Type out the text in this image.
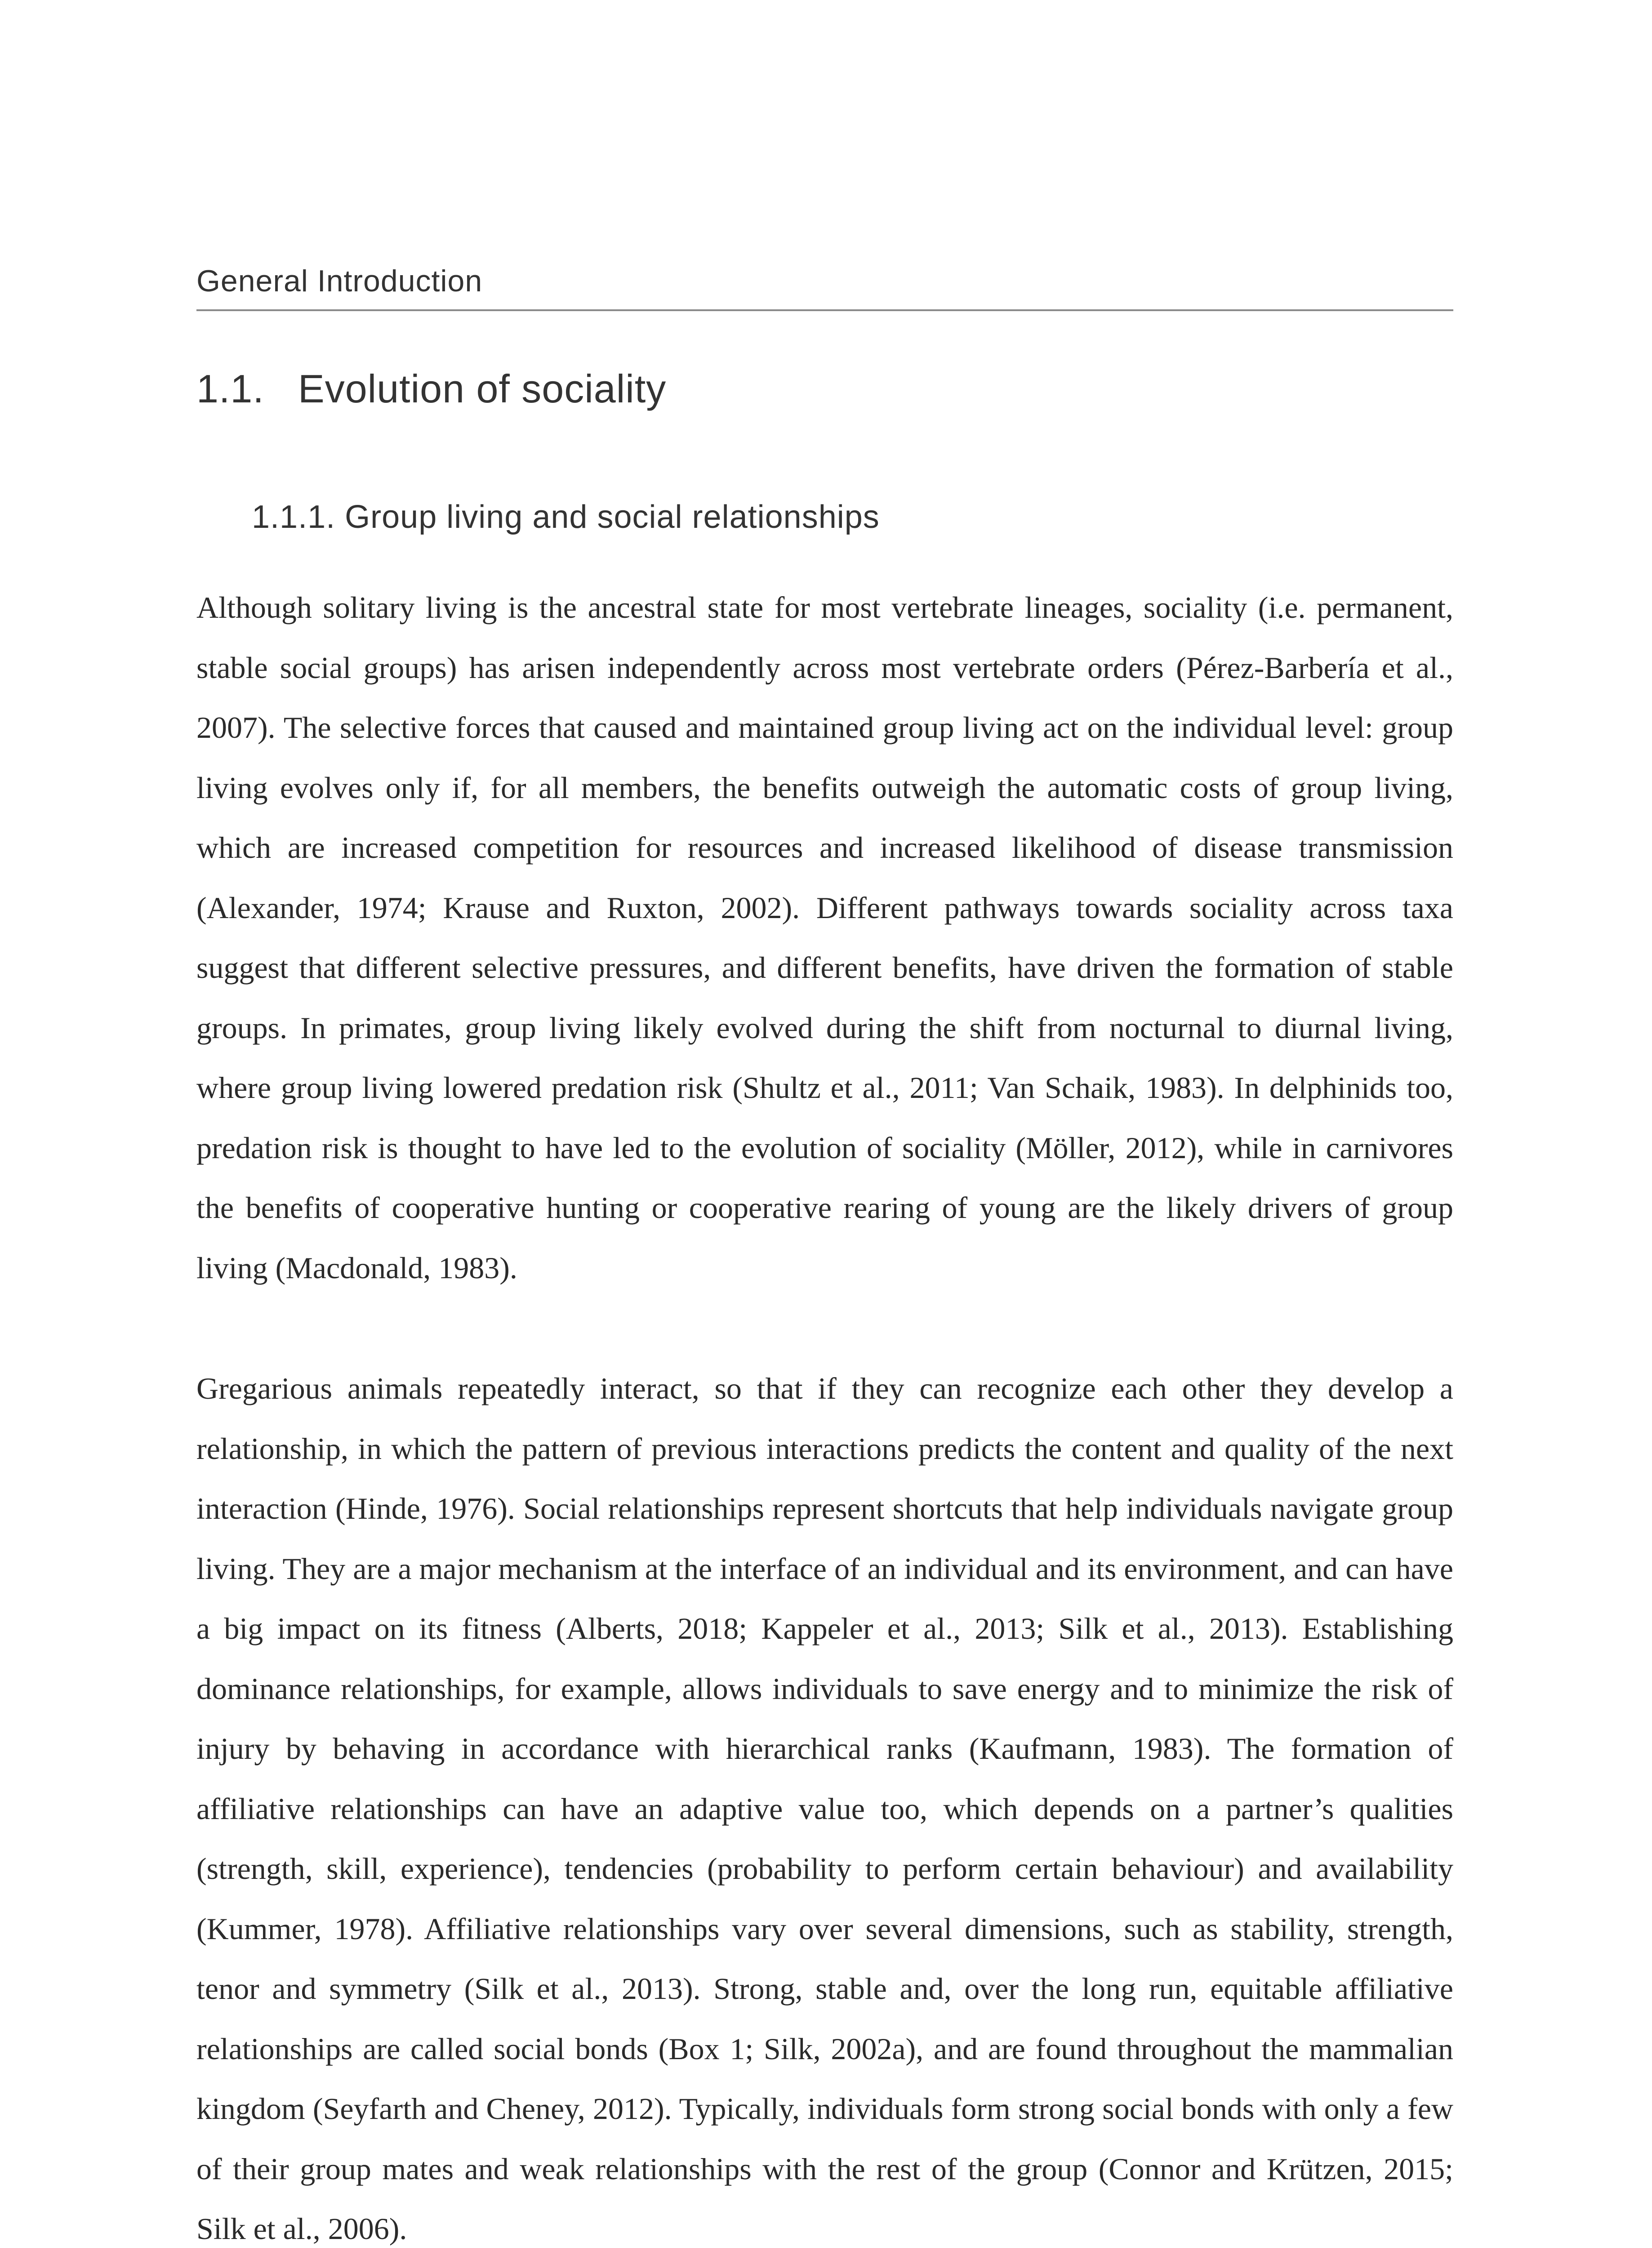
General Introduction
1.1. Evolution of sociality
1.1.1. Group living and social relationships

Although solitary living is the ancestral state for most vertebrate lineages, sociality (i.e. permanent, stable social groups) has arisen independently across most vertebrate orders (Pérez-Barbería et al., 2007). The selective forces that caused and maintained group living act on the individual level: group living evolves only if, for all members, the benefits outweigh the automatic costs of group living, which are increased competition for resources and increased likelihood of disease transmission (Alexander, 1974; Krause and Ruxton, 2002). Different pathways towards sociality across taxa suggest that different selective pressures, and different benefits, have driven the formation of stable groups. In primates, group living likely evolved during the shift from nocturnal to diurnal living, where group living lowered predation risk (Shultz et al., 2011; Van Schaik, 1983). In delphinids too, predation risk is thought to have led to the evolution of sociality (Möller, 2012), while in carnivores the benefits of cooperative hunting or cooperative rearing of young are the likely drivers of group living (Macdonald, 1983).

Gregarious animals repeatedly interact, so that if they can recognize each other they develop a relationship, in which the pattern of previous interactions predicts the content and quality of the next interaction (Hinde, 1976). Social relationships represent shortcuts that help individuals navigate group living. They are a major mechanism at the interface of an individual and its environment, and can have a big impact on its fitness (Alberts, 2018; Kappeler et al., 2013; Silk et al., 2013). Establishing dominance relationships, for example, allows individuals to save energy and to minimize the risk of injury by behaving in accordance with hierarchical ranks (Kaufmann, 1983). The formation of affiliative relationships can have an adaptive value too, which depends on a partner’s qualities (strength, skill, experience), tendencies (probability to perform certain behaviour) and availability (Kummer, 1978). Affiliative relationships vary over several dimensions, such as stability, strength, tenor and symmetry (Silk et al., 2013). Strong, stable and, over the long run, equitable affiliative relationships are called social bonds (Box 1; Silk, 2002a), and are found throughout the mammalian kingdom (Seyfarth and Cheney, 2012). Typically, individuals form strong social bonds with only a few of their group mates and weak relationships with the rest of the group (Connor and Krützen, 2015; Silk et al., 2006).
